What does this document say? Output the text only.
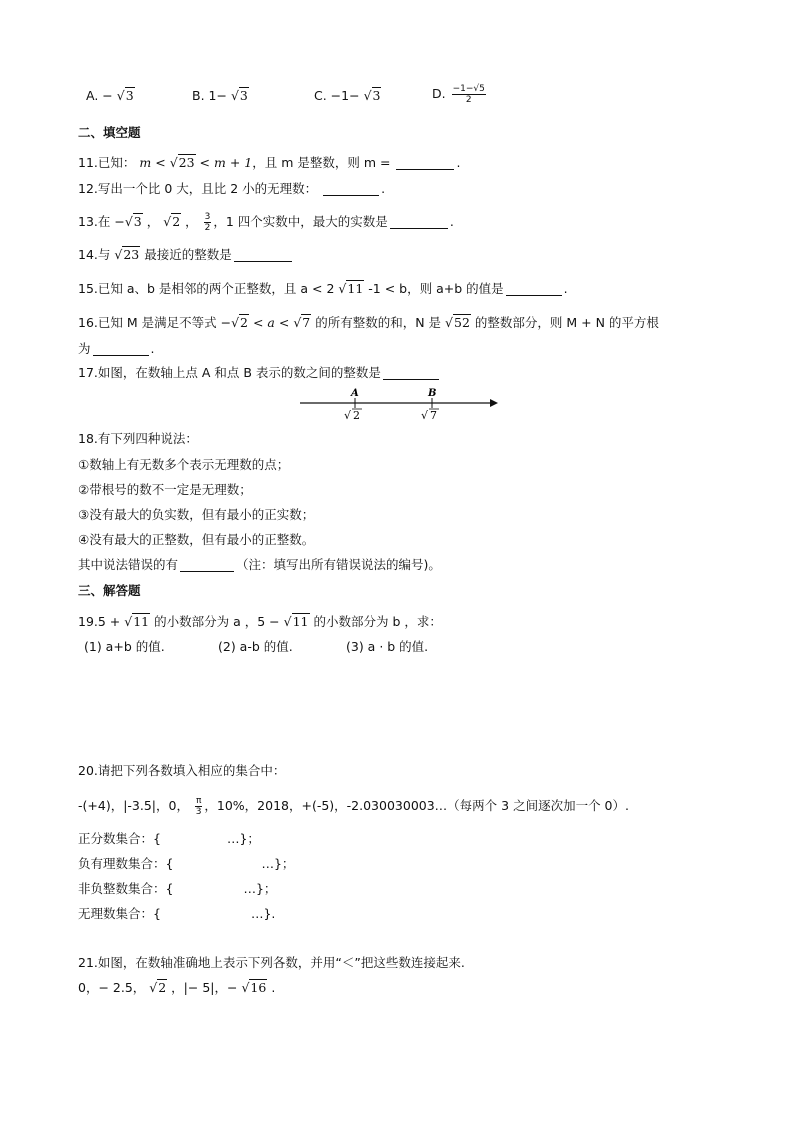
A. − √3	B. 1− √3	C. −1− √3	D. $\frac{-1-√5}{2}$
二、填空题
11.已知： m < √23 < m + 1，且 m 是整数，则 m =	.
12.写出一个比 0 大，且比 2 小的无理数：	.
13.在 −√3 ， √2 ， $\frac{3}{2}$ ，1 四个实数中，最大的实数是	.
14.与 √23 最接近的整数是
15.已知 a、b 是相邻的两个正整数，且 a < 2 √11 -1 < b，则 a+b 的值是	.
16.已知 M 是满足不等式 −√2 < a < √7 的所有整数的和，N 是 √52 的整数部分，则 M + N 的平方根
为	.
17.如图，在数轴上点 A 和点 B 表示的数之间的整数是
A	B
√ 2	√ 7
18.有下列四种说法：
①数轴上有无数多个表示无理数的点；
②带根号的数不一定是无理数；
③没有最大的负实数，但有最小的正实数；
④没有最大的正整数，但有最小的正整数。
其中说法错误的有	（注：填写出所有错误说法的编号)。
三、解答题
19.5 + √11 的小数部分为 a ，5 − √11 的小数部分为 b ，求：
(1) a+b 的值.	(2) a-b 的值.	(3) a · b 的值.
20.请把下列各数填入相应的集合中：
-(+4)，|-3.5|，0， $\frac{\pi}{3}$ ，10%，2018，+(-5)，-2.030030003…（每两个 3 之间逐次加一个 0）.
正分数集合：{	…}；
负有理数集合：{	…}；
非负整数集合：{	…}；
无理数集合：{	…}.
21.如图，在数轴准确地上表示下列各数，并用“＜”把这些数连接起来.
0，− 2.5， √2 ，|− 5|，− √16 .
